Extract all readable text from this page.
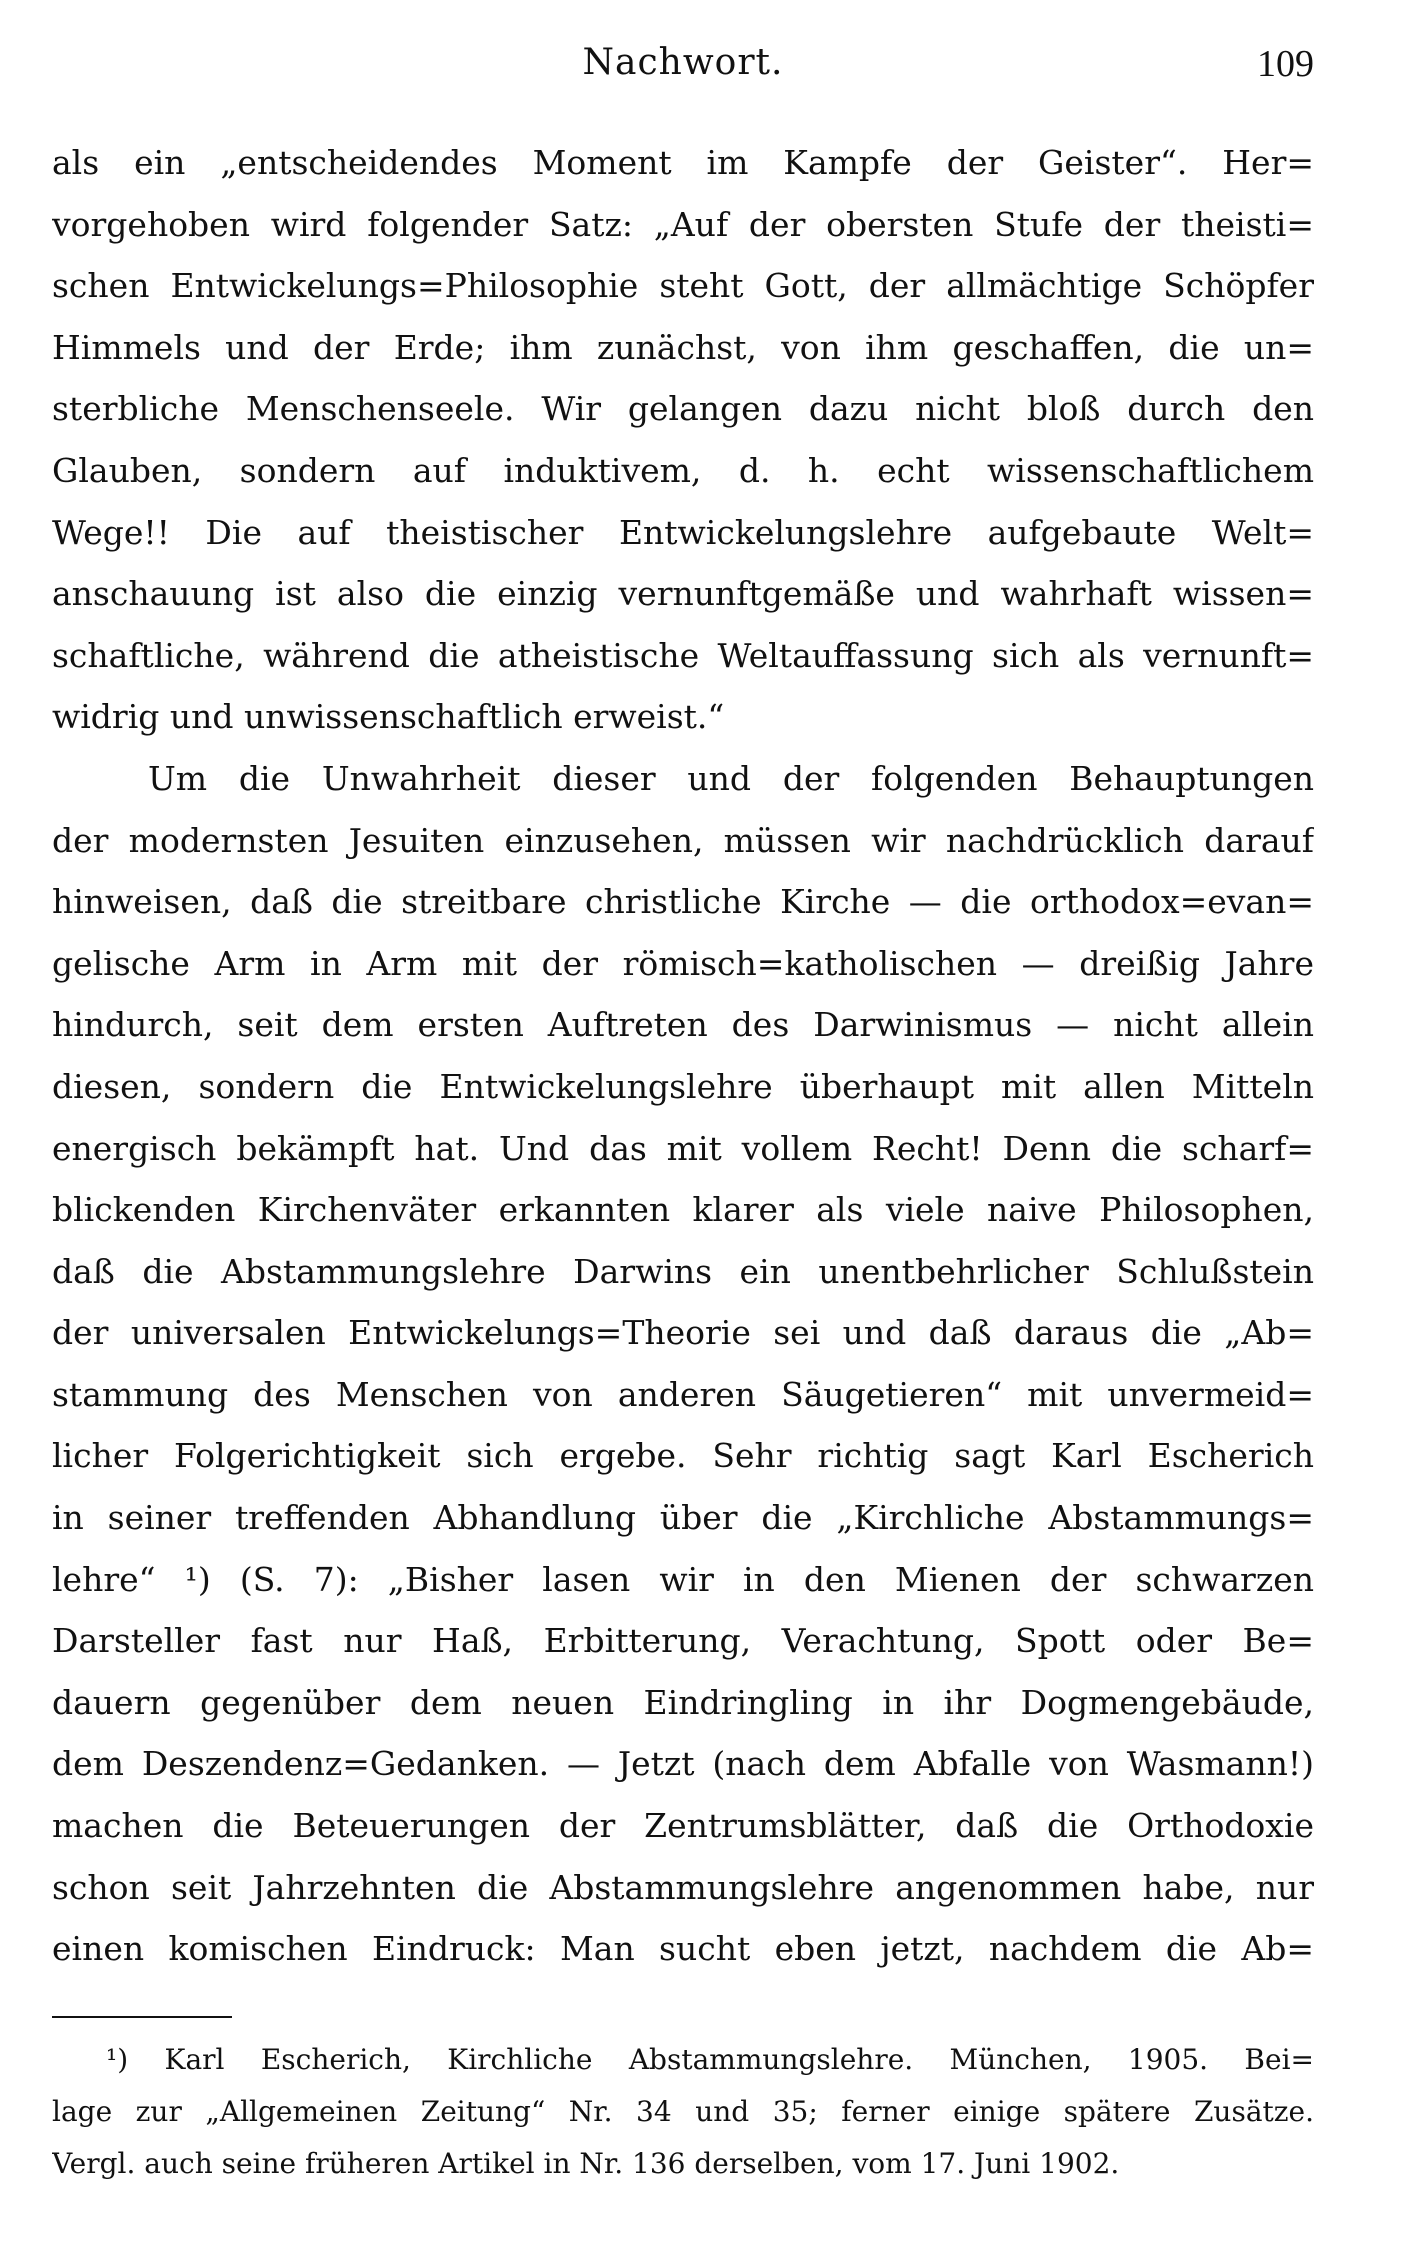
Nachwort.	109
als ein „entscheidendes Moment im Kampfe der Geister“. Her=
vorgehoben wird folgender Satz: „Auf der obersten Stufe der theisti=
schen Entwickelungs=Philosophie steht Gott, der allmächtige Schöpfer
Himmels und der Erde; ihm zunächst, von ihm geschaffen, die un=
sterbliche Menschenseele. Wir gelangen dazu nicht bloß durch den
Glauben, sondern auf induktivem, d. h. echt wissenschaftlichem
Wege!! Die auf theistischer Entwickelungslehre aufgebaute Welt=
anschauung ist also die einzig vernunftgemäße und wahrhaft wissen=
schaftliche, während die atheistische Weltauffassung sich als vernunft=
widrig und unwissenschaftlich erweist.“
Um die Unwahrheit dieser und der folgenden Behauptungen
der modernsten Jesuiten einzusehen, müssen wir nachdrücklich darauf
hinweisen, daß die streitbare christliche Kirche — die orthodox=evan=
gelische Arm in Arm mit der römisch=katholischen — dreißig Jahre
hindurch, seit dem ersten Auftreten des Darwinismus — nicht allein
diesen, sondern die Entwickelungslehre überhaupt mit allen Mitteln
energisch bekämpft hat. Und das mit vollem Recht! Denn die scharf=
blickenden Kirchenväter erkannten klarer als viele naive Philosophen,
daß die Abstammungslehre Darwins ein unentbehrlicher Schlußstein
der universalen Entwickelungs=Theorie sei und daß daraus die „Ab=
stammung des Menschen von anderen Säugetieren“ mit unvermeid=
licher Folgerichtigkeit sich ergebe. Sehr richtig sagt Karl Escherich
in seiner treffenden Abhandlung über die „Kirchliche Abstammungs=
lehre“ ¹) (S. 7): „Bisher lasen wir in den Mienen der schwarzen
Darsteller fast nur Haß, Erbitterung, Verachtung, Spott oder Be=
dauern gegenüber dem neuen Eindringling in ihr Dogmengebäude,
dem Deszendenz=Gedanken. — Jetzt (nach dem Abfalle von Wasmann!)
machen die Beteuerungen der Zentrumsblätter, daß die Orthodoxie
schon seit Jahrzehnten die Abstammungslehre angenommen habe, nur
einen komischen Eindruck: Man sucht eben jetzt, nachdem die Ab=
¹) Karl Escherich, Kirchliche Abstammungslehre. München, 1905. Bei=
lage zur „Allgemeinen Zeitung“ Nr. 34 und 35; ferner einige spätere Zusätze.
Vergl. auch seine früheren Artikel in Nr. 136 derselben, vom 17. Juni 1902.
